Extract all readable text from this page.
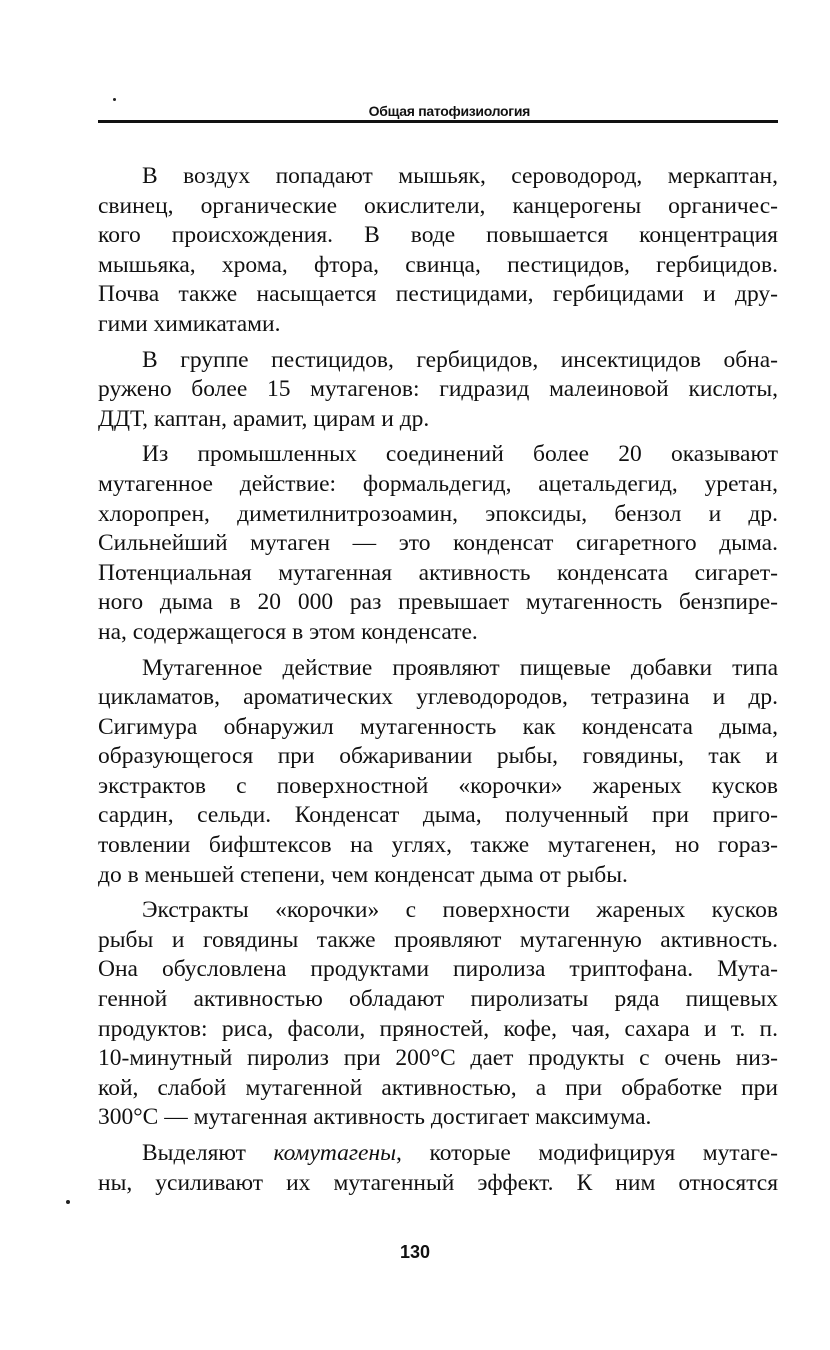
Общая патофизиология

В воздух попадают мышьяк, сероводород, меркаптан,

свинец, органические окислители, канцерогены органичес-

кого происхождения. В воде повышается концентрация

мышьяка, хрома, фтора, свинца, пестицидов, гербицидов.

Почва также насыщается пестицидами, гербицидами и дру-

гими химикатами.

В группе пестицидов, гербицидов, инсектицидов обна-

ружено более 15 мутагенов: гидразид малеиновой кислоты,

ДДТ, каптан, арамит, цирам и др.

Из промышленных соединений более 20 оказывают

мутагенное действие: формальдегид, ацетальдегид, уретан,

хлоропрен, диметилнитрозоамин, эпоксиды, бензол и др.

Сильнейший мутаген — это конденсат сигаретного дыма.

Потенциальная мутагенная активность конденсата сигарет-

ного дыма в 20 000 раз превышает мутагенность бензпире-

на, содержащегося в этом конденсате.

Мутагенное действие проявляют пищевые добавки типа

цикламатов, ароматических углеводородов, тетразина и др.

Сигимура обнаружил мутагенность как конденсата дыма,

образующегося при обжаривании рыбы, говядины, так и

экстрактов с поверхностной «корочки» жареных кусков

сардин, сельди. Конденсат дыма, полученный при приго-

товлении бифштексов на углях, также мутагенен, но горaз-

до в меньшей степени, чем конденсат дыма от рыбы.

Экстракты «корочки» с поверхности жареных кусков

рыбы и говядины также проявляют мутагенную активность.

Она обусловлена продуктами пиролиза триптофана. Мута-

генной активностью обладают пиролизаты ряда пищевых

продуктов: риса, фасоли, пряностей, кофе, чая, сахара и т. п.

10-минутный пиролиз при 200°С дает продукты с очень низ-

кой, слабой мутагенной активностью, а при обработке при

300°С — мутагенная активность достигает максимума.

Выделяют комутагены, которые модифицируя мутаге-

ны, усиливают их мутагенный эффект. К ним относятся

130
